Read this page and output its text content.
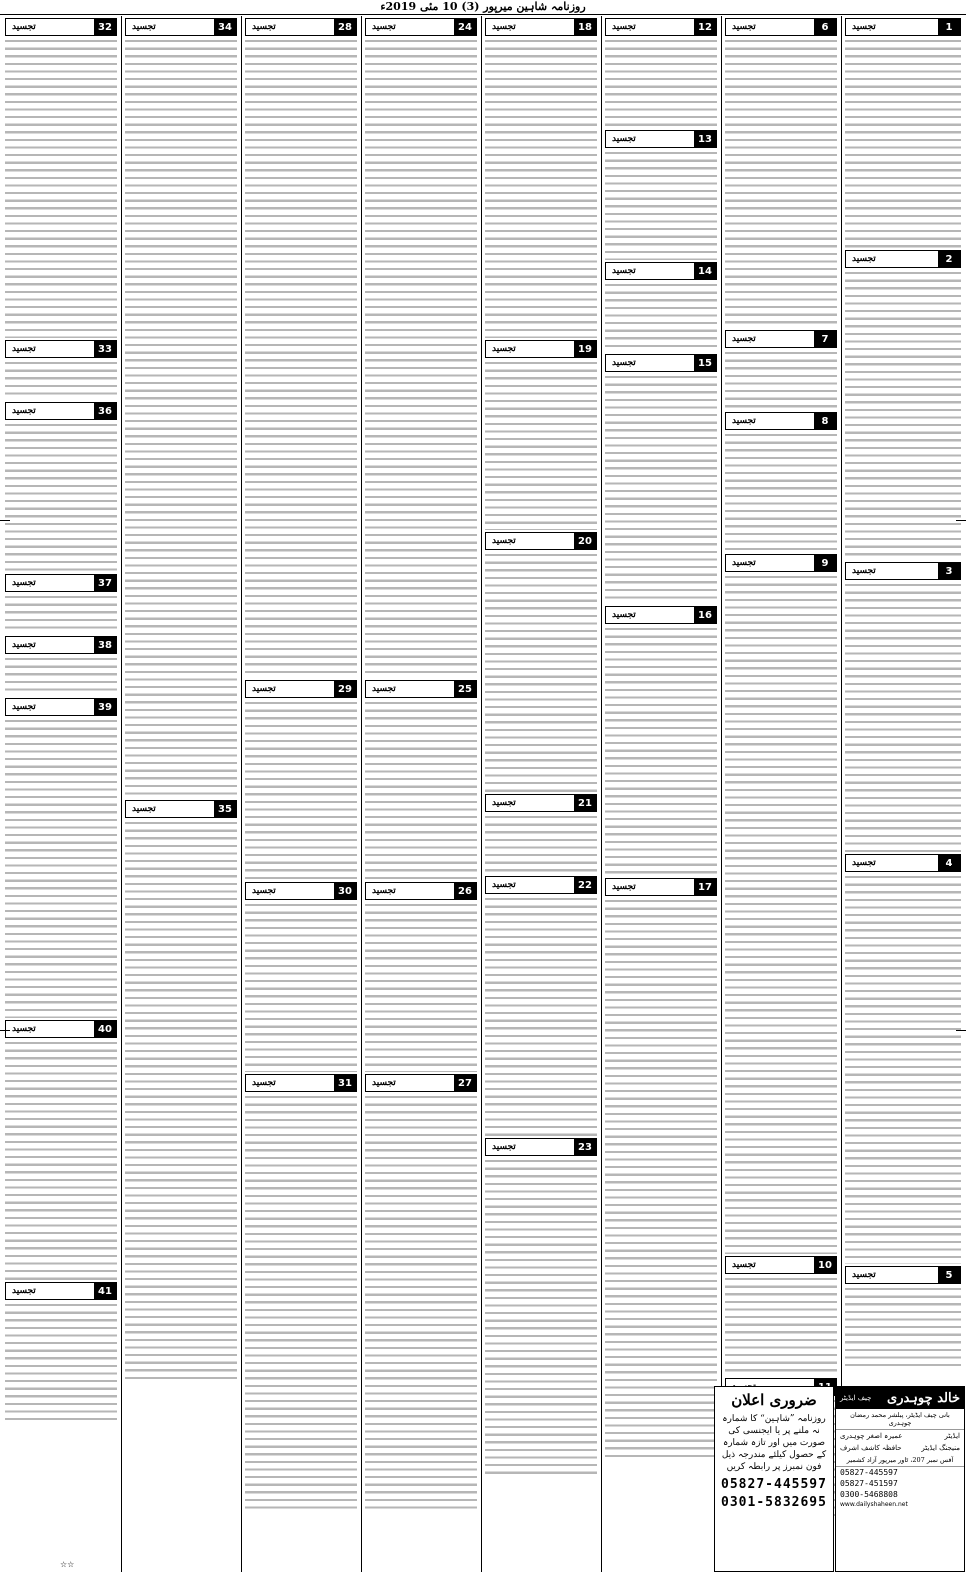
روزنامہ شاہین میرپور (3) 10 مئی 2019ء
تجسید	32
تجسید	33
تجسید	36
تجسید	37
تجسید	38
تجسید	39
تجسید	40
تجسید	41
تجسید	34
تجسید	35
تجسید	28
تجسید	29
تجسید	30
تجسید	31
تجسید	24
تجسید	25
تجسید	26
تجسید	27
تجسید	18
تجسید	19
تجسید	20
تجسید	21
تجسید	22
تجسید	23
تجسید	12
تجسید	13
تجسید	14
تجسید	15
تجسید	16
تجسید	17
تجسید	6
تجسید	7
تجسید	8
تجسید	9
تجسید	10
تجسید	1
تجسید	2
تجسید	3
تجسید	4
تجسید	5
ضروری اعلان
روزنامہ ”شاہین“ کا شمارہ نہ ملنے پر یا ایجنسی کی صورت میں اور تازہ شمارہ کے حصول کیلئے مندرجہ ذیل فون نمبرز پر رابطہ کریں
05827-445597
0301-5832695
چیف ایڈیٹر خالد چوہدری
بانی چیف ایڈیٹر، پبلشر محمد رمضان چوہدری
عمیرہ اصغر چوہدری	ایڈیٹر
حافظہ کاشف اشرف	منیجنگ ایڈیٹر
آفس نمبر 207، ٹاور میرپور آزاد کشمیر
05827-445597
05827-451597
0300-5468808
www.dailyshaheen.net
☆☆
